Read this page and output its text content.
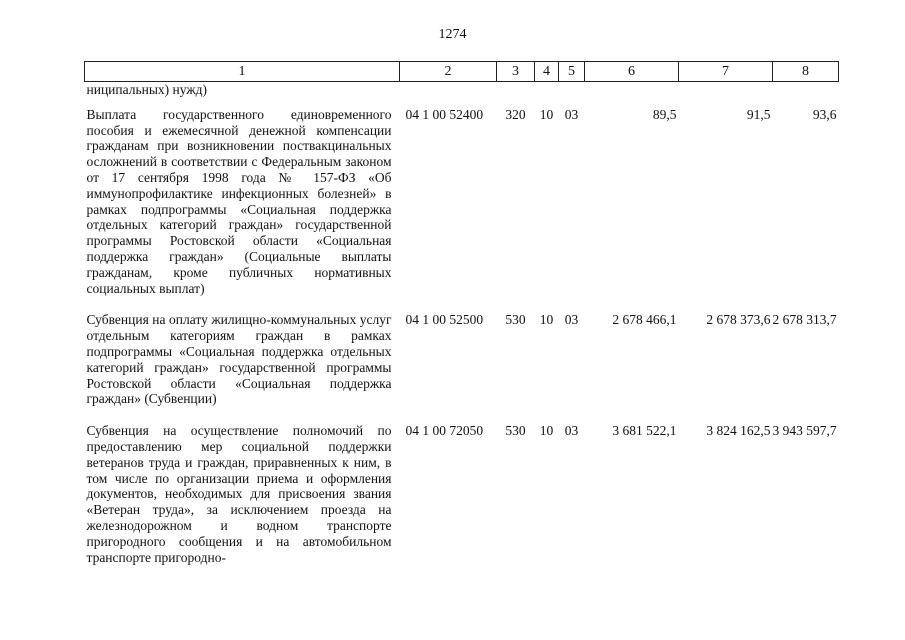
1274
1	2	3	4	5	6	7	8
ниципальных) нужд)							
Выплата государственного единовременного пособия и ежемесячной денежной компенсации гражданам при возникновении поствакцинальных осложнений в соответствии с Федеральным законом от 17 сентября 1998 года № 157-ФЗ «Об иммунопрофилактике инфекционных болезней» в рамках подпрограммы «Социальная поддержка отдельных категорий граждан» государственной программы Ростовской области «Социальная поддержка граждан» (Социальные выплаты гражданам, кроме публичных нормативных социальных выплат)	04 1 00 52400	320	10	03	89,5	91,5	93,6
Субвенция на оплату жилищно-коммунальных услуг отдельным категориям граждан в рамках подпрограммы «Социальная поддержка отдельных категорий граждан» государственной программы Ростовской области «Социальная поддержка граждан» (Субвенции)	04 1 00 52500	530	10	03	2 678 466,1	2 678 373,6	2 678 313,7
Субвенция на осуществление полномочий по предоставлению мер социальной поддержки ветеранов труда и граждан, приравненных к ним, в том числе по организации приема и оформления документов, необходимых для присвоения звания «Ветеран труда», за исключением проезда на железнодорожном и водном транспорте пригородного сообщения и на автомобильном транспорте пригородно-	04 1 00 72050	530	10	03	3 681 522,1	3 824 162,5	3 943 597,7
